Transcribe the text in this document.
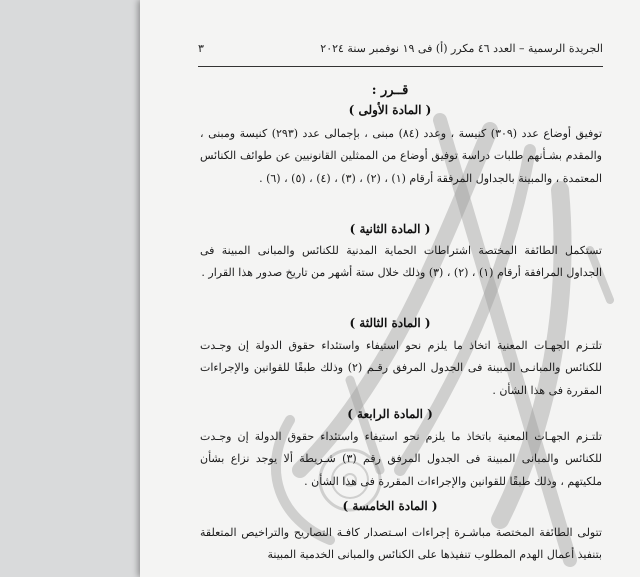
الجريدة الرسمية – العدد ٤٦ مكرر (أ) فى ١٩ نوفمبر سنة ٢٠٢٤
٣
قــرر :
( المادة الأولى )
توفيق أوضاع عدد (٣٠٩) كنيسة ، وعدد (٨٤) مبنى ، بإجمالى عدد (٢٩٣) كنيسة ومبنى ، والمقدم بشـأنهم طلبات دراسة توفيق أوضاع من الممثلين القانونيين عن طوائف الكنائس المعتمدة ، والمبينة بالجداول المرفقة أرقام (١) ، (٢) ، (٣) ، (٤) ، (٥) ، (٦) .
( المادة الثانية )
تستكمل الطائفة المختصة اشتراطات الحماية المدنية للكنائس والمبانى المبينة فى الجداول المرافقة أرقام (١) ، (٢) ، (٣) وذلك خلال ستة أشهر من تاريخ صدور هذا القرار .
( المادة الثالثة )
تلتـزم الجهـات المعنية اتخاذ ما يلزم نحو استيفاء واستئداء حقوق الدولة إن وجـدت للكنائس والمبانـى المبينة فى الجدول المرفق رقـم (٢) وذلك طبقًا للقوانين والإجراءات المقررة فى هذا الشأن .
( المادة الرابعة )
تلتـزم الجهـات المعنية باتخاذ ما يلزم نحو استيفاء واستئداء حقوق الدولة إن وجـدت للكنائس والمبانى المبينة فى الجدول المرفق رقم (٣) شـريطة ألا يوجد نزاع بشأن ملكيتهم ، وذلك طبقًا للقوانين والإجراءات المقررة فى هذا الشأن .
( المادة الخامسة )
تتولى الطائفة المختصة مباشـرة إجراءات اسـتصدار كافـة التصاريح والتراخيص المتعلقة بتنفيذ أعمال الهدم المطلوب تنفيذها على الكنائس والمبانى الخدمية المبينة
